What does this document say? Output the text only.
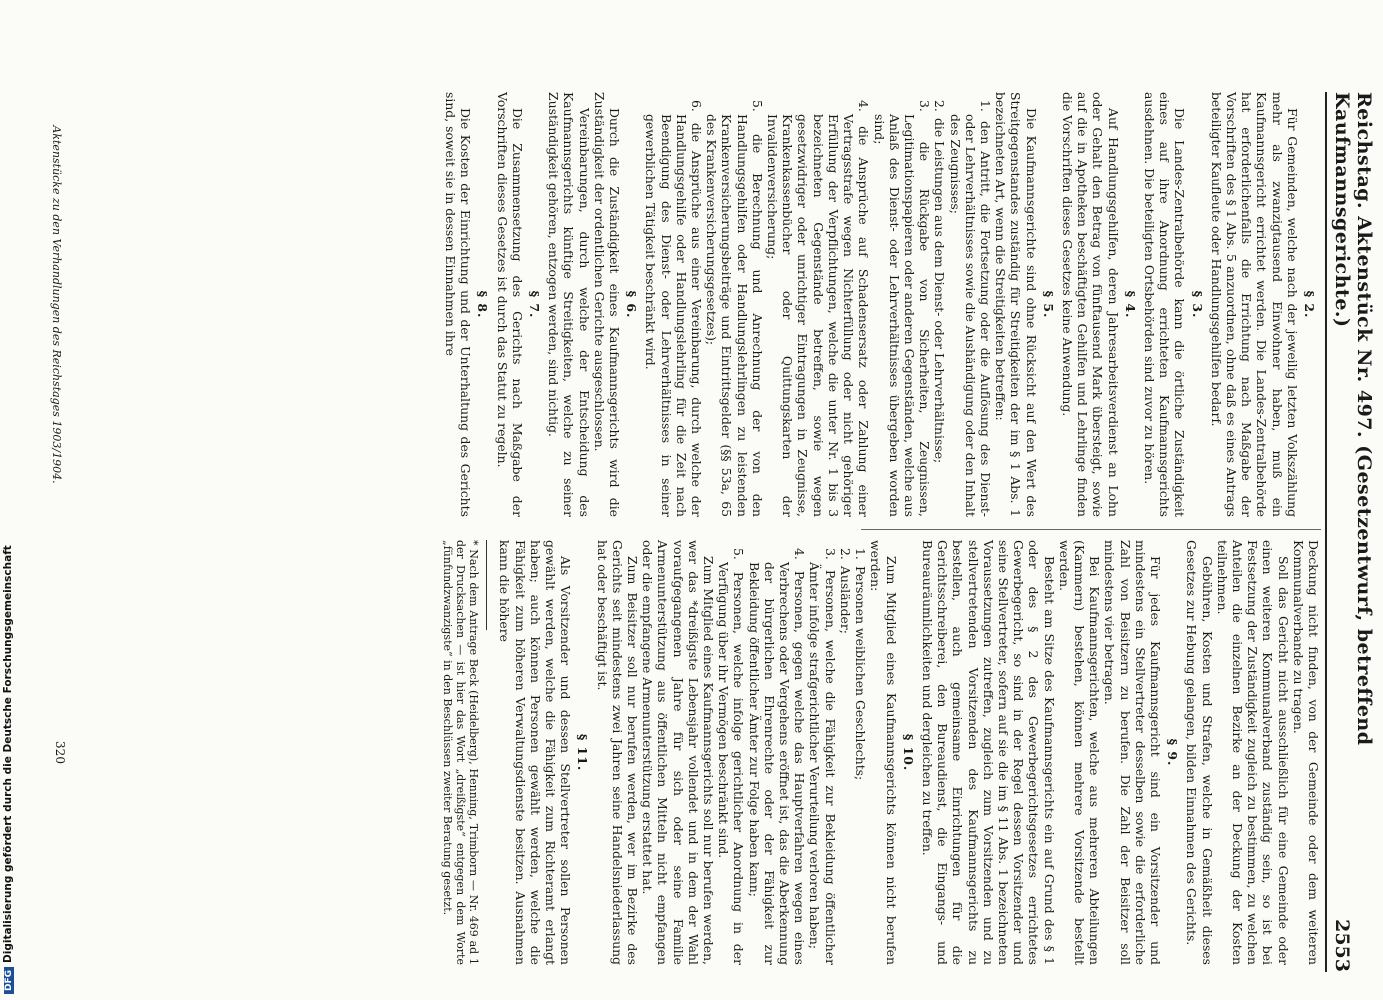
Reichstag. Aktenstück Nr. 497. (Gesetzentwurf, betreffend Kaufmannsgerichte.)
2553
§ 2.

Für Gemeinden, welche nach der jeweilig letzten Volkszählung mehr als zwanzigtausend Einwohner haben, muß ein Kaufmannsgericht errichtet werden. Die Landes-Zentralbehörde hat erforderlichenfalls die Errichtung nach Maßgabe der Vorschriften des § 1 Abs. 5 anzuordnen, ohne daß es eines Antrags beteiligter Kaufleute oder Handlungsgehilfen bedarf.

§ 3.

Die Landes-Zentralbehörde kann die örtliche Zuständigkeit eines auf ihre Anordnung errichteten Kaufmannsgerichts ausdehnen. Die beteiligten Ortsbehörden sind zuvor zu hören.

§ 4.

Auf Handlungsgehilfen, deren Jahresarbeitsverdienst an Lohn oder Gehalt den Betrag von fünftausend Mark übersteigt, sowie auf die in Apotheken beschäftigten Gehilfen und Lehrlinge finden die Vorschriften dieses Gesetzes keine Anwendung.

§ 5.

Die Kaufmannsgerichte sind ohne Rücksicht auf den Wert des Streitgegenstandes zuständig für Streitigkeiten der im § 1 Abs. 1 bezeichneten Art, wenn die Streitigkeiten betreffen:

1. den Antritt, die Fortsetzung oder die Auflösung des Dienst- oder Lehrverhältnisses sowie die Aushändigung oder den Inhalt des Zeugnisses;

2. die Leistungen aus dem Dienst- oder Lehrverhältnisse;

3. die Rückgabe von Sicherheiten, Zeugnissen, Legitimationspapieren oder anderen Gegenständen, welche aus Anlaß des Dienst- oder Lehrverhältnisses übergeben worden sind;

4. die Ansprüche auf Schadensersatz oder Zahlung einer Vertragsstrafe wegen Nichterfüllung oder nicht gehöriger Erfüllung der Verpflichtungen, welche die unter Nr. 1 bis 3 bezeichneten Gegenstände betreffen, sowie wegen gesetzwidriger oder unrichtiger Eintragungen in Zeugnisse, Krankenkassenbücher oder Quittungskarten der Invalidenversicherung;

5. die Berechnung und Anrechnung der von den Handlungsgehilfen oder Handlungslehrlingen zu leistenden Krankenversicherungsbeiträge und Eintrittsgelder (§§ 53a, 65 des Krankenversicherungsgesetzes);

6. die Ansprüche aus einer Vereinbarung, durch welche der Handlungsgehilfe oder Handlungslehrling für die Zeit nach Beendigung des Dienst- oder Lehrverhältnisses in seiner gewerblichen Tätigkeit beschränkt wird.

§ 6.

Durch die Zuständigkeit eines Kaufmannsgerichts wird die Zuständigkeit der ordentlichen Gerichte ausgeschlossen.

Vereinbarungen, durch welche der Entscheidung des Kaufmannsgerichts künftige Streitigkeiten, welche zu seiner Zuständigkeit gehören, entzogen werden, sind nichtig.

§ 7.

Die Zusammensetzung des Gerichts nach Maßgabe der Vorschriften dieses Gesetzes ist durch das Statut zu regeln.

§ 8.

Die Kosten der Einrichtung und der Unterhaltung des Gerichts sind, soweit sie in dessen Einnahmen ihre

Deckung nicht finden, von der Gemeinde oder dem weiteren Kommunalverbande zu tragen.

Soll das Gericht nicht ausschließlich für eine Gemeinde oder einen weiteren Kommunalverband zuständig sein, so ist bei Festsetzung der Zuständigkeit zugleich zu bestimmen, zu welchen Anteilen die einzelnen Bezirke an der Deckung der Kosten teilnehmen.

Gebühren, Kosten und Strafen, welche in Gemäßheit dieses Gesetzes zur Hebung gelangen, bilden Einnahmen des Gerichts.

§ 9.

Für jedes Kaufmannsgericht sind ein Vorsitzender und mindestens ein Stellvertreter desselben sowie die erforderliche Zahl von Beisitzern zu berufen. Die Zahl der Beisitzer soll mindestens vier betragen.

Bei Kaufmannsgerichten, welche aus mehreren Abteilungen (Kammern) bestehen, können mehrere Vorsitzende bestellt werden.

Besteht am Sitze des Kaufmannsgerichts ein auf Grund des § 1 oder des § 2 des Gewerbegerichtsgesetzes errichtetes Gewerbegericht, so sind in der Regel dessen Vorsitzender und seine Stellvertreter, sofern auf sie die im § 11 Abs. 1 bezeichneten Voraussetzungen zutreffen, zugleich zum Vorsitzenden und zu stellvertretenden Vorsitzenden des Kaufmannsgerichts zu bestellen, auch gemeinsame Einrichtungen für die Gerichtsschreiberei, den Bureaudienst, die Eingangs- und Bureauräumlichkeiten und dergleichen zu treffen.

§ 10.

Zum Mitglied eines Kaufmannsgerichts können nicht berufen werden:

1. Personen weiblichen Geschlechts;

2. Ausländer;

3. Personen, welche die Fähigkeit zur Bekleidung öffentlicher Ämter infolge strafgerichtlicher Verurteilung verloren haben;

4. Personen, gegen welche das Hauptverfahren wegen eines Verbrechens oder Vergehens eröffnet ist, das die Aberkennung der bürgerlichen Ehrenrechte oder der Fähigkeit zur Bekleidung öffentlicher Ämter zur Folge haben kann;

5. Personen, welche infolge gerichtlicher Anordnung in der Verfügung über ihr Vermögen beschränkt sind.

Zum Mitglied eines Kaufmannsgerichts soll nur berufen werden, wer das *dreißigste Lebensjahr vollendet und in dem der Wahl voraufgegangenen Jahre für sich oder seine Familie Armenunterstützung aus öffentlichen Mitteln nicht empfangen oder die empfangene Armenunterstützung erstattet hat.

Zum Beisitzer soll nur berufen werden, wer im Bezirke des Gerichts seit mindestens zwei Jahren seine Handelsniederlassung hat oder beschäftigt ist.

§ 11.

Als Vorsitzender und dessen Stellvertreter sollen Personen gewählt werden, welche die Fähigkeit zum Richteramt erlangt haben; auch können Personen gewählt werden, welche die Fähigkeit zum höheren Verwaltungsdienste besitzen. Ausnahmen kann die höhere

* Nach dem Antrage Beck (Heidelberg), Henning, Trimborn — Nr. 469 ad 1 der Drucksachen — ist hier das Wort „dreißigste“ entgegen dem Worte „fünfundzwanzigste“ in den Beschlüssen zweiter Beratung gesetzt.
Aktenstücke zu den Verhandlungen des Reichstages 1903/1904.
320
DFGDigitalisierung gefördert durch die Deutsche Forschungsgemeinschaft
